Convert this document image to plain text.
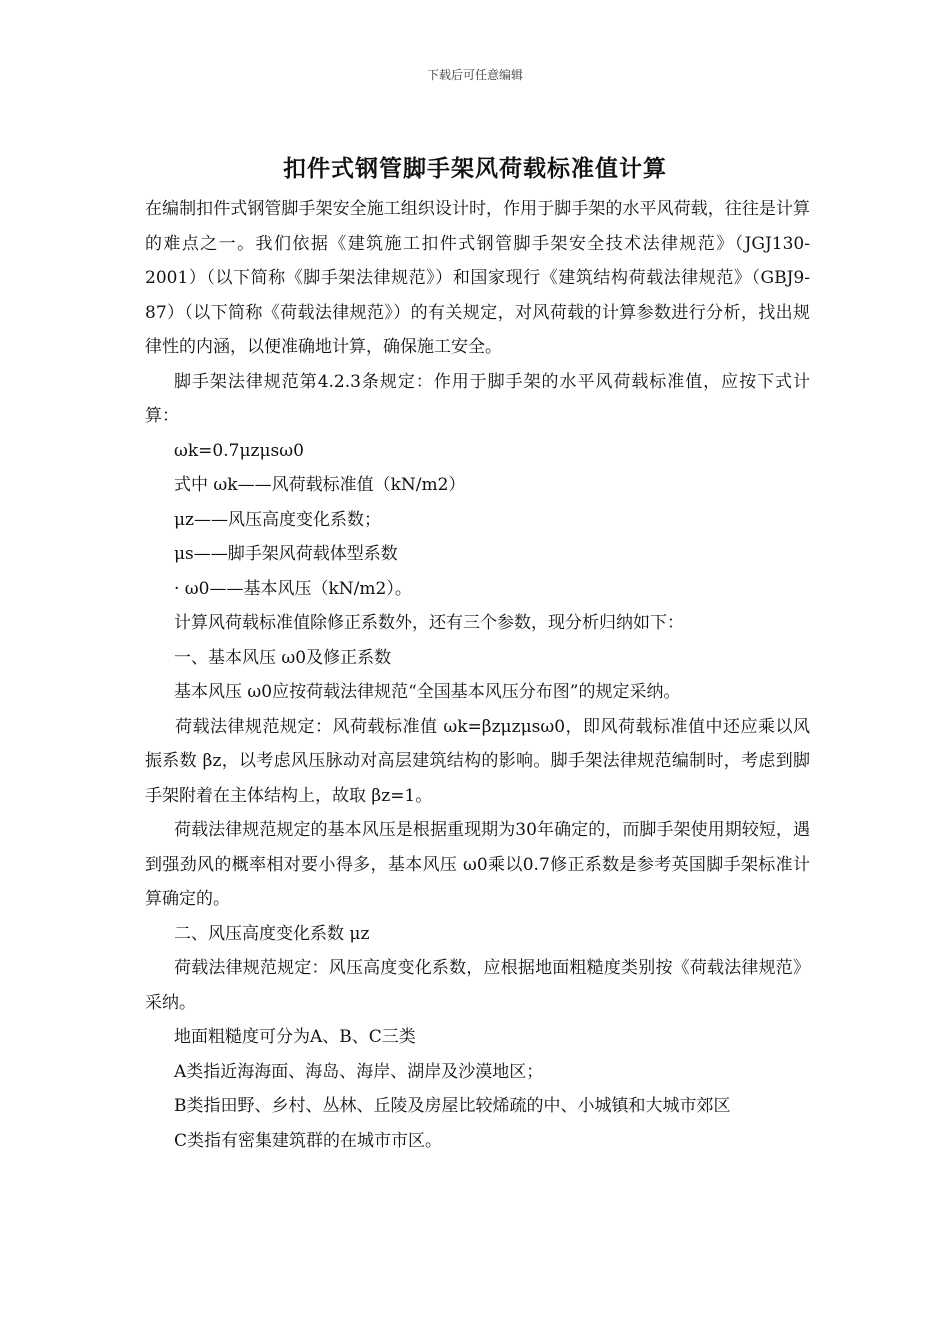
下载后可任意编辑
扣件式钢管脚手架风荷载标准值计算

在编制扣件式钢管脚手架安全施工组织设计时，作用于脚手架的水平风荷载，往往是计算的难点之一。我们依据《建筑施工扣件式钢管脚手架安全技术法律规范》（JGJ130-2001）（以下简称《脚手架法律规范》）和国家现行《建筑结构荷载法律规范》（GBJ9-87）（以下简称《荷载法律规范》）的有关规定，对风荷载的计算参数进行分析，找出规律性的内涵，以便准确地计算，确保施工安全。

脚手架法律规范第4.2.3条规定：作用于脚手架的水平风荷载标准值，应按下式计算：

ωk=0.7μzμsω0

式中 ωk——风荷载标准值（kN/m2）

μz——风压高度变化系数；

μs——脚手架风荷载体型系数

· ω0——基本风压（kN/m2）。

计算风荷载标准值除修正系数外，还有三个参数，现分析归纳如下：

一、基本风压 ω0及修正系数

基本风压 ω0应按荷载法律规范“全国基本风压分布图”的规定采纳。

荷载法律规范规定：风荷载标准值 ωk=βzμzμsω0，即风荷载标准值中还应乘以风振系数 βz，以考虑风压脉动对高层建筑结构的影响。脚手架法律规范编制时，考虑到脚手架附着在主体结构上，故取 βz=1。

荷载法律规范规定的基本风压是根据重现期为30年确定的，而脚手架使用期较短，遇到强劲风的概率相对要小得多，基本风压 ω0乘以0.7修正系数是参考英国脚手架标准计算确定的。

二、风压高度变化系数 μz

荷载法律规范规定：风压高度变化系数，应根据地面粗糙度类别按《荷载法律规范》采纳。

地面粗糙度可分为A、B、C三类

A类指近海海面、海岛、海岸、湖岸及沙漠地区；

B类指田野、乡村、丛林、丘陵及房屋比较烯疏的中、小城镇和大城市郊区

C类指有密集建筑群的在城市市区。
